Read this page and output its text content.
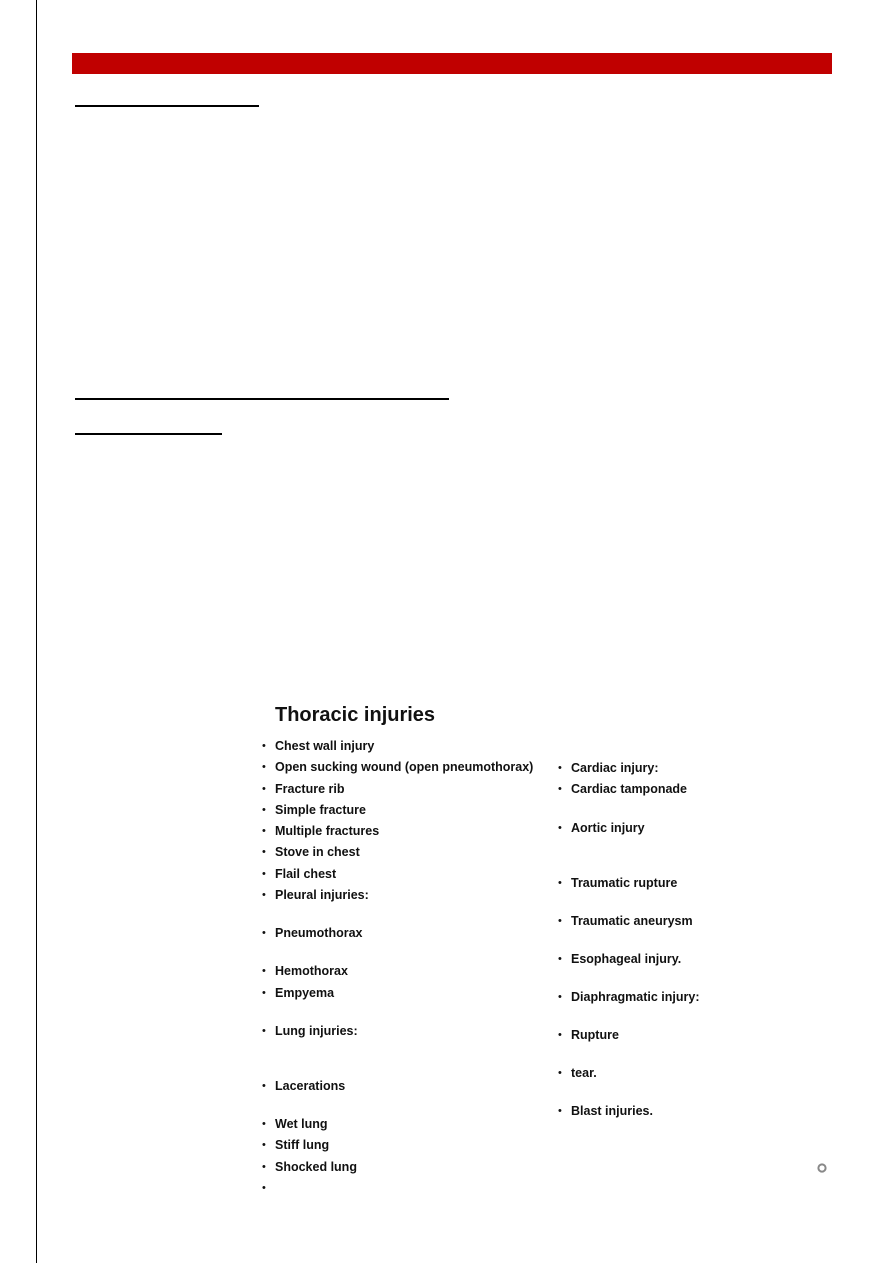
Thoracic injuries
• Chest wall injury
• Open sucking wound (open pneumothorax)
• Fracture rib
• Simple fracture
• Multiple fractures
• Stove in chest
• Flail chest
• Pleural injuries:
• Pneumothorax
• Hemothorax
• Empyema
• Lung injuries:
• Lacerations
• Wet lung
• Stiff lung
• Shocked lung
•
• Cardiac injury:
• Cardiac tamponade
• Aortic injury
• Traumatic rupture
• Traumatic aneurysm
• Esophageal injury.
• Diaphragmatic injury:
• Rupture
• tear.
• Blast injuries.
